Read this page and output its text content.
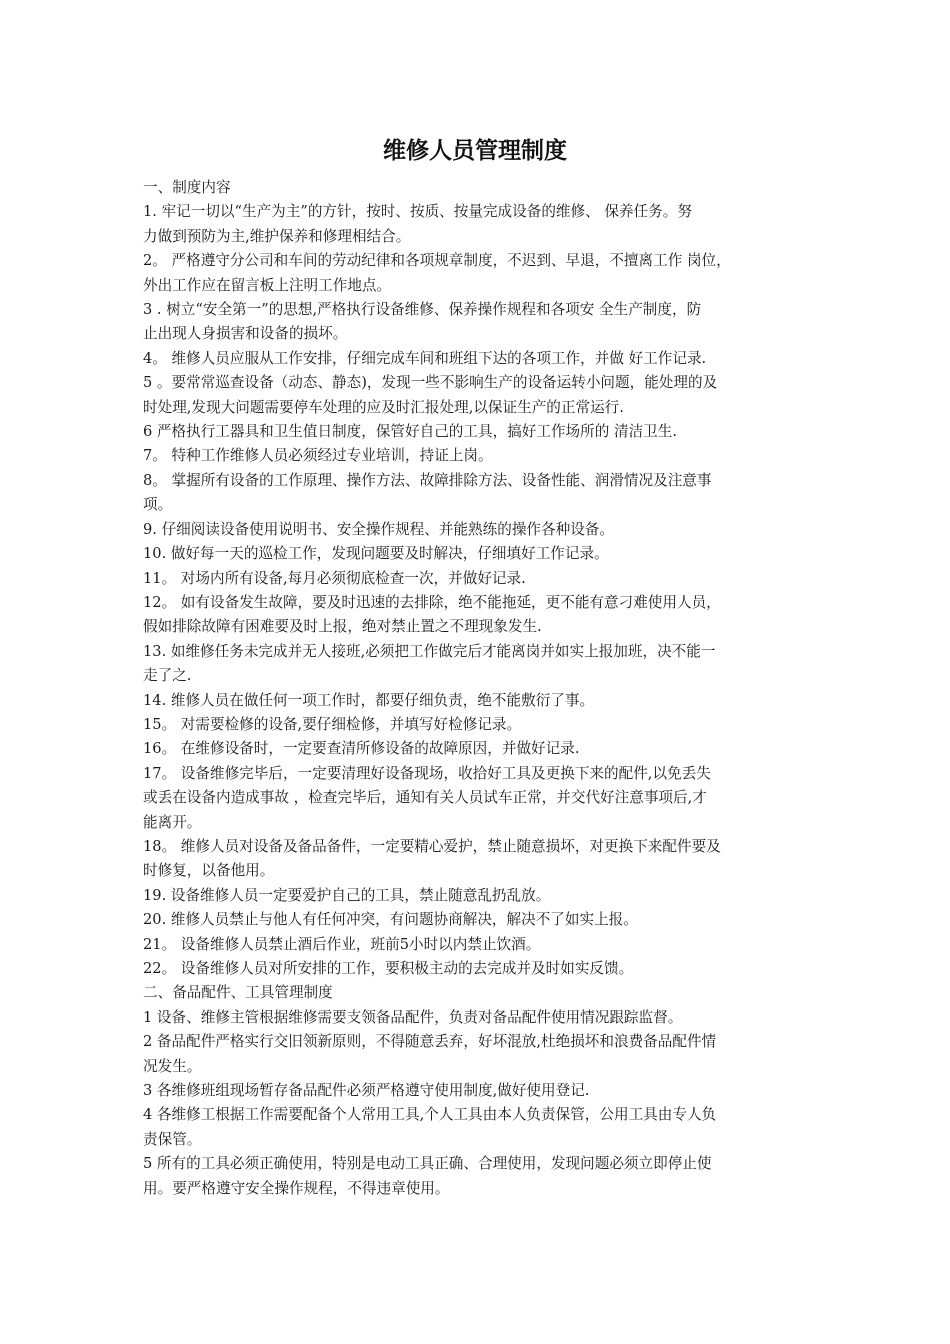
维修人员管理制度
一、制度内容
1. 牢记一切以“生产为主”的方针，按时、按质、按量完成设备的维修、 保养任务。努
力做到预防为主,维护保养和修理相结合。
2。 严格遵守分公司和车间的劳动纪律和各项规章制度，不迟到、早退，不擅离工作 岗位，
外出工作应在留言板上注明工作地点。
3 . 树立“安全第一”的思想,严格执行设备维修、保养操作规程和各项安 全生产制度，防
止出现人身损害和设备的损坏。
4。 维修人员应服从工作安排，仔细完成车间和班组下达的各项工作，并做 好工作记录.
5 。要常常巡查设备（动态、静态)，发现一些不影响生产的设备运转小问题，能处理的及
时处理,发现大问题需要停车处理的应及时汇报处理,以保证生产的正常运行.
6 严格执行工器具和卫生值日制度，保管好自己的工具，搞好工作场所的 清洁卫生.
7。 特种工作维修人员必须经过专业培训，持证上岗。
8。 掌握所有设备的工作原理、操作方法、故障排除方法、设备性能、润滑情况及注意事
项。
9. 仔细阅读设备使用说明书、安全操作规程、并能熟练的操作各种设备。
10. 做好每一天的巡检工作，发现问题要及时解决，仔细填好工作记录。
11。 对场内所有设备,每月必须彻底检查一次，并做好记录.
12。 如有设备发生故障，要及时迅速的去排除，绝不能拖延，更不能有意刁难使用人员，
假如排除故障有困难要及时上报，绝对禁止置之不理现象发生.
13. 如维修任务未完成并无人接班,必须把工作做完后才能离岗并如实上报加班，决不能一
走了之.
14. 维修人员在做任何一项工作时，都要仔细负责，绝不能敷衍了事。
15。 对需要检修的设备,要仔细检修，并填写好检修记录。
16。 在维修设备时，一定要查清所修设备的故障原因，并做好记录.
17。 设备维修完毕后，一定要清理好设备现场，收拾好工具及更换下来的配件,以免丢失
或丢在设备内造成事故 ，检查完毕后，通知有关人员试车正常，并交代好注意事项后,才
能离开。
18。 维修人员对设备及备品备件，一定要精心爱护，禁止随意损坏，对更换下来配件要及
时修复，以备他用。
19. 设备维修人员一定要爱护自己的工具，禁止随意乱扔乱放。
20. 维修人员禁止与他人有任何冲突，有问题协商解决，解决不了如实上报。
21。 设备维修人员禁止酒后作业，班前5小时以内禁止饮酒。
22。 设备维修人员对所安排的工作，要积极主动的去完成并及时如实反馈。
二、备品配件、工具管理制度
1 设备、维修主管根据维修需要支领备品配件，负责对备品配件使用情况跟踪监督。
2 备品配件严格实行交旧领新原则，不得随意丢弃，好坏混放,杜绝损坏和浪费备品配件情
况发生。
3 各维修班组现场暂存备品配件必须严格遵守使用制度,做好使用登记.
4 各维修工根据工作需要配备个人常用工具,个人工具由本人负责保管，公用工具由专人负
责保管。
5 所有的工具必须正确使用，特别是电动工具正确、合理使用，发现问题必须立即停止使
用。要严格遵守安全操作规程，不得违章使用。
